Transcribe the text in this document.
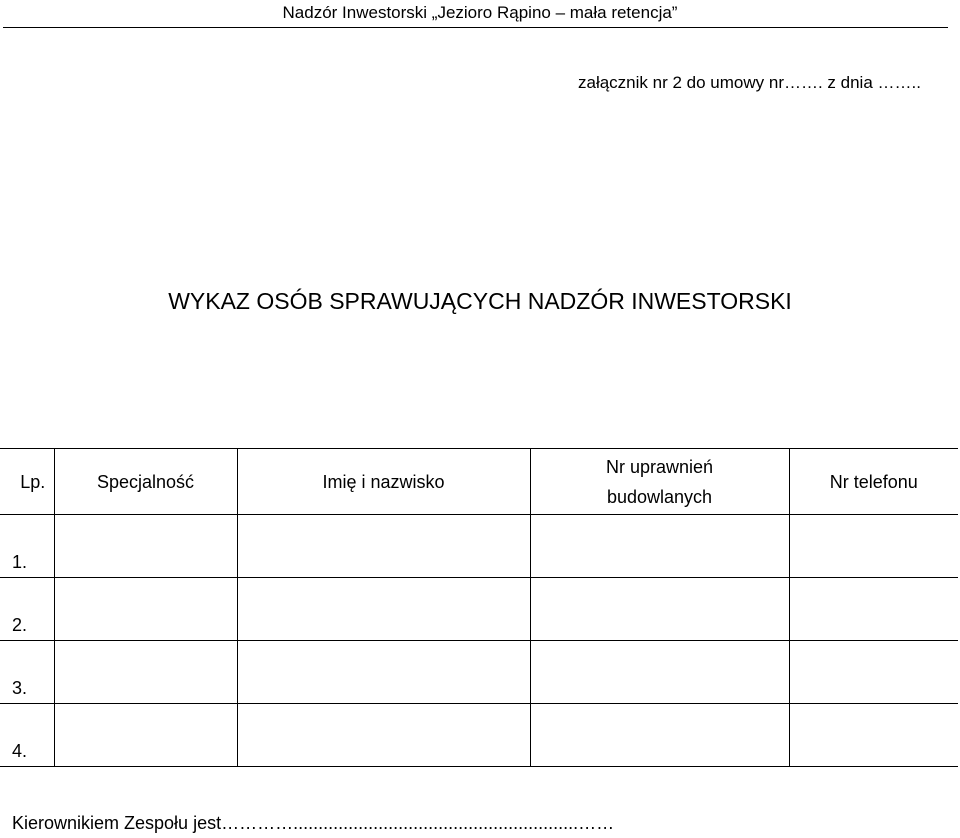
Nadzór Inwestorski „Jezioro Rąpino – mała retencja”
załącznik nr 2 do umowy nr……. z dnia ……..
WYKAZ OSÓB SPRAWUJĄCYCH NADZÓR INWESTORSKI
Lp.	Specjalność	Imię i nazwisko	Nr uprawnień budowlanych	Nr telefonu
1.				
2.				
3.				
4.				
Kierownikiem Zespołu jest………….........................................................……
